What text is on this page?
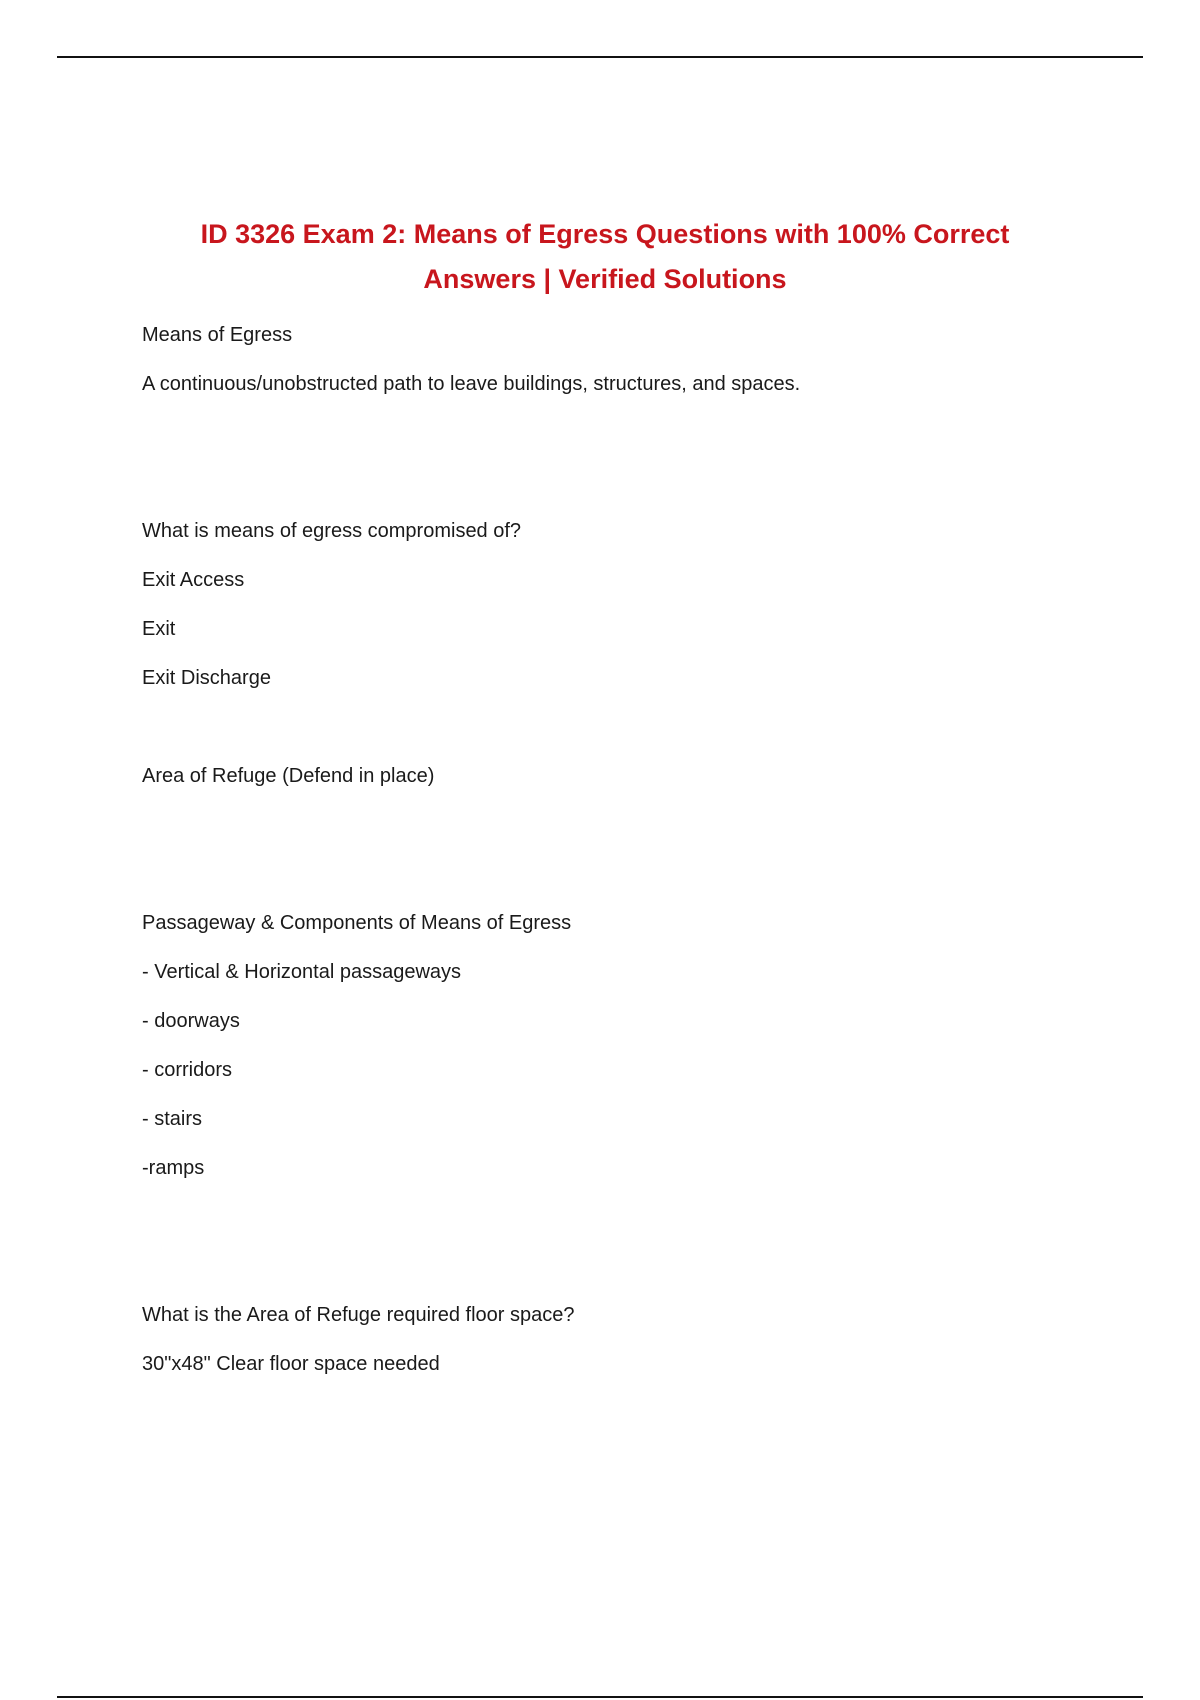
ID 3326 Exam 2: Means of Egress Questions with 100% Correct
Answers | Verified Solutions

Means of Egress

A continuous/unobstructed path to leave buildings, structures, and spaces.

What is means of egress compromised of?

Exit Access

Exit

Exit Discharge

Area of Refuge (Defend in place)

Passageway & Components of Means of Egress

- Vertical & Horizontal passageways

- doorways

- corridors

- stairs

-ramps

What is the Area of Refuge required floor space?

30"x48" Clear floor space needed
